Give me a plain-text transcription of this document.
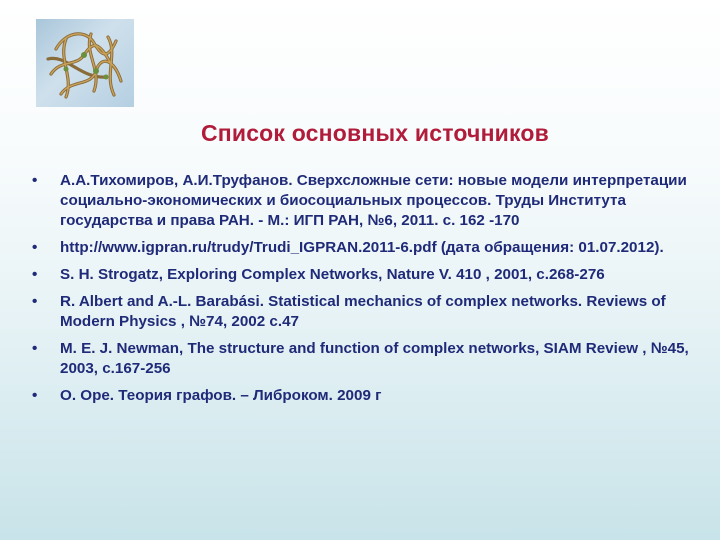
Список основных источников
• А.А.Тихомиров, А.И.Труфанов. Сверхсложные сети: новые модели интерпретации социально-экономических и биосоциальных процессов. Труды Института государства и права РАН. - М.: ИГП РАН, №6, 2011. с. 162 -170
• http://www.igpran.ru/trudy/Trudi_IGPRAN.2011-6.pdf (дата обращения: 01.07.2012).
• S. H. Strogatz, Exploring Complex Networks, Nature V. 410 , 2001, с.268-276
• R. Albert and A.-L. Barabási. Statistical mechanics of complex networks. Reviews of Modern Physics , №74, 2002 с.47
• M. E. J. Newman, The structure and function of complex networks, SIAM Review , №45, 2003, с.167-256
• О. Оре. Теория графов. – Либроком. 2009 г
